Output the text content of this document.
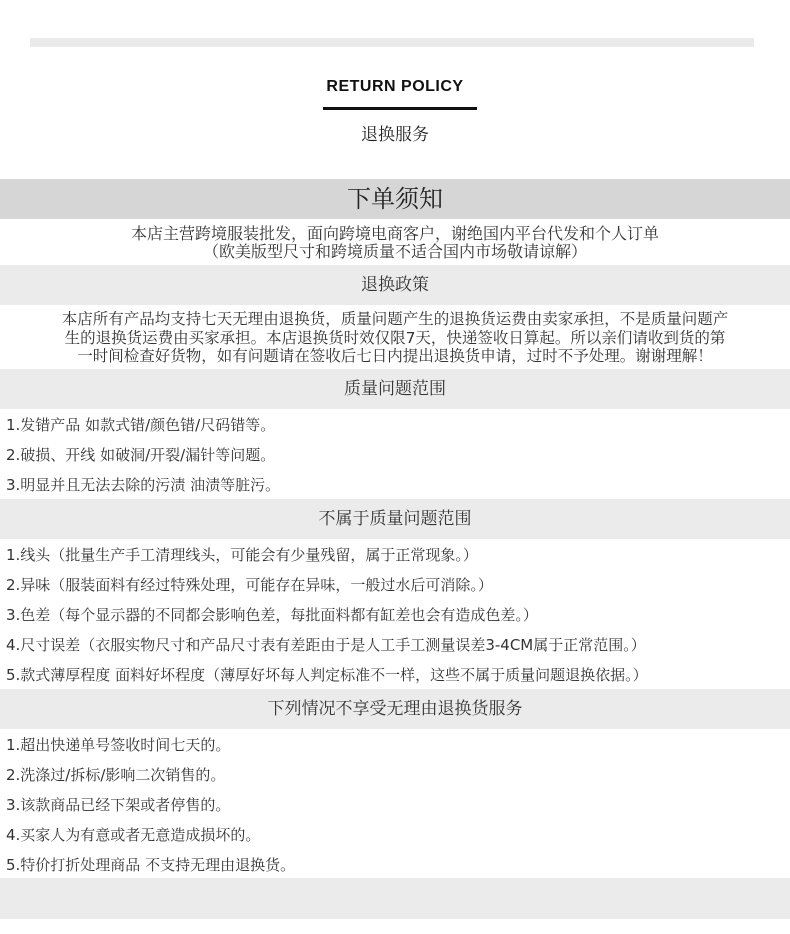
RETURN POLICY
退换服务
下单须知
本店主营跨境服装批发，面向跨境电商客户，谢绝国内平台代发和个人订单
（欧美版型尺寸和跨境质量不适合国内市场敬请谅解）
退换政策
本店所有产品均支持七天无理由退换货，质量问题产生的退换货运费由卖家承担，不是质量问题产
生的退换货运费由买家承担。本店退换货时效仅限7天，快递签收日算起。所以亲们请收到货的第
一时间检查好货物，如有问题请在签收后七日内提出退换货申请，过时不予处理。谢谢理解！
质量问题范围
1.发错产品 如款式错/颜色错/尺码错等。
2.破损、开线 如破洞/开裂/漏针等问题。
3.明显并且无法去除的污渍 油渍等脏污。
不属于质量问题范围
1.线头（批量生产手工清理线头，可能会有少量残留，属于正常现象。）
2.异味（服装面料有经过特殊处理，可能存在异味，一般过水后可消除。）
3.色差（每个显示器的不同都会影响色差，每批面料都有缸差也会有造成色差。）
4.尺寸误差（衣服实物尺寸和产品尺寸表有差距由于是人工手工测量误差3-4CM属于正常范围。）
5.款式薄厚程度 面料好坏程度（薄厚好坏每人判定标准不一样，这些不属于质量问题退换依据。）
下列情况不享受无理由退换货服务
1.超出快递单号签收时间七天的。
2.洗涤过/拆标/影响二次销售的。
3.该款商品已经下架或者停售的。
4.买家人为有意或者无意造成损坏的。
5.特价打折处理商品 不支持无理由退换货。
